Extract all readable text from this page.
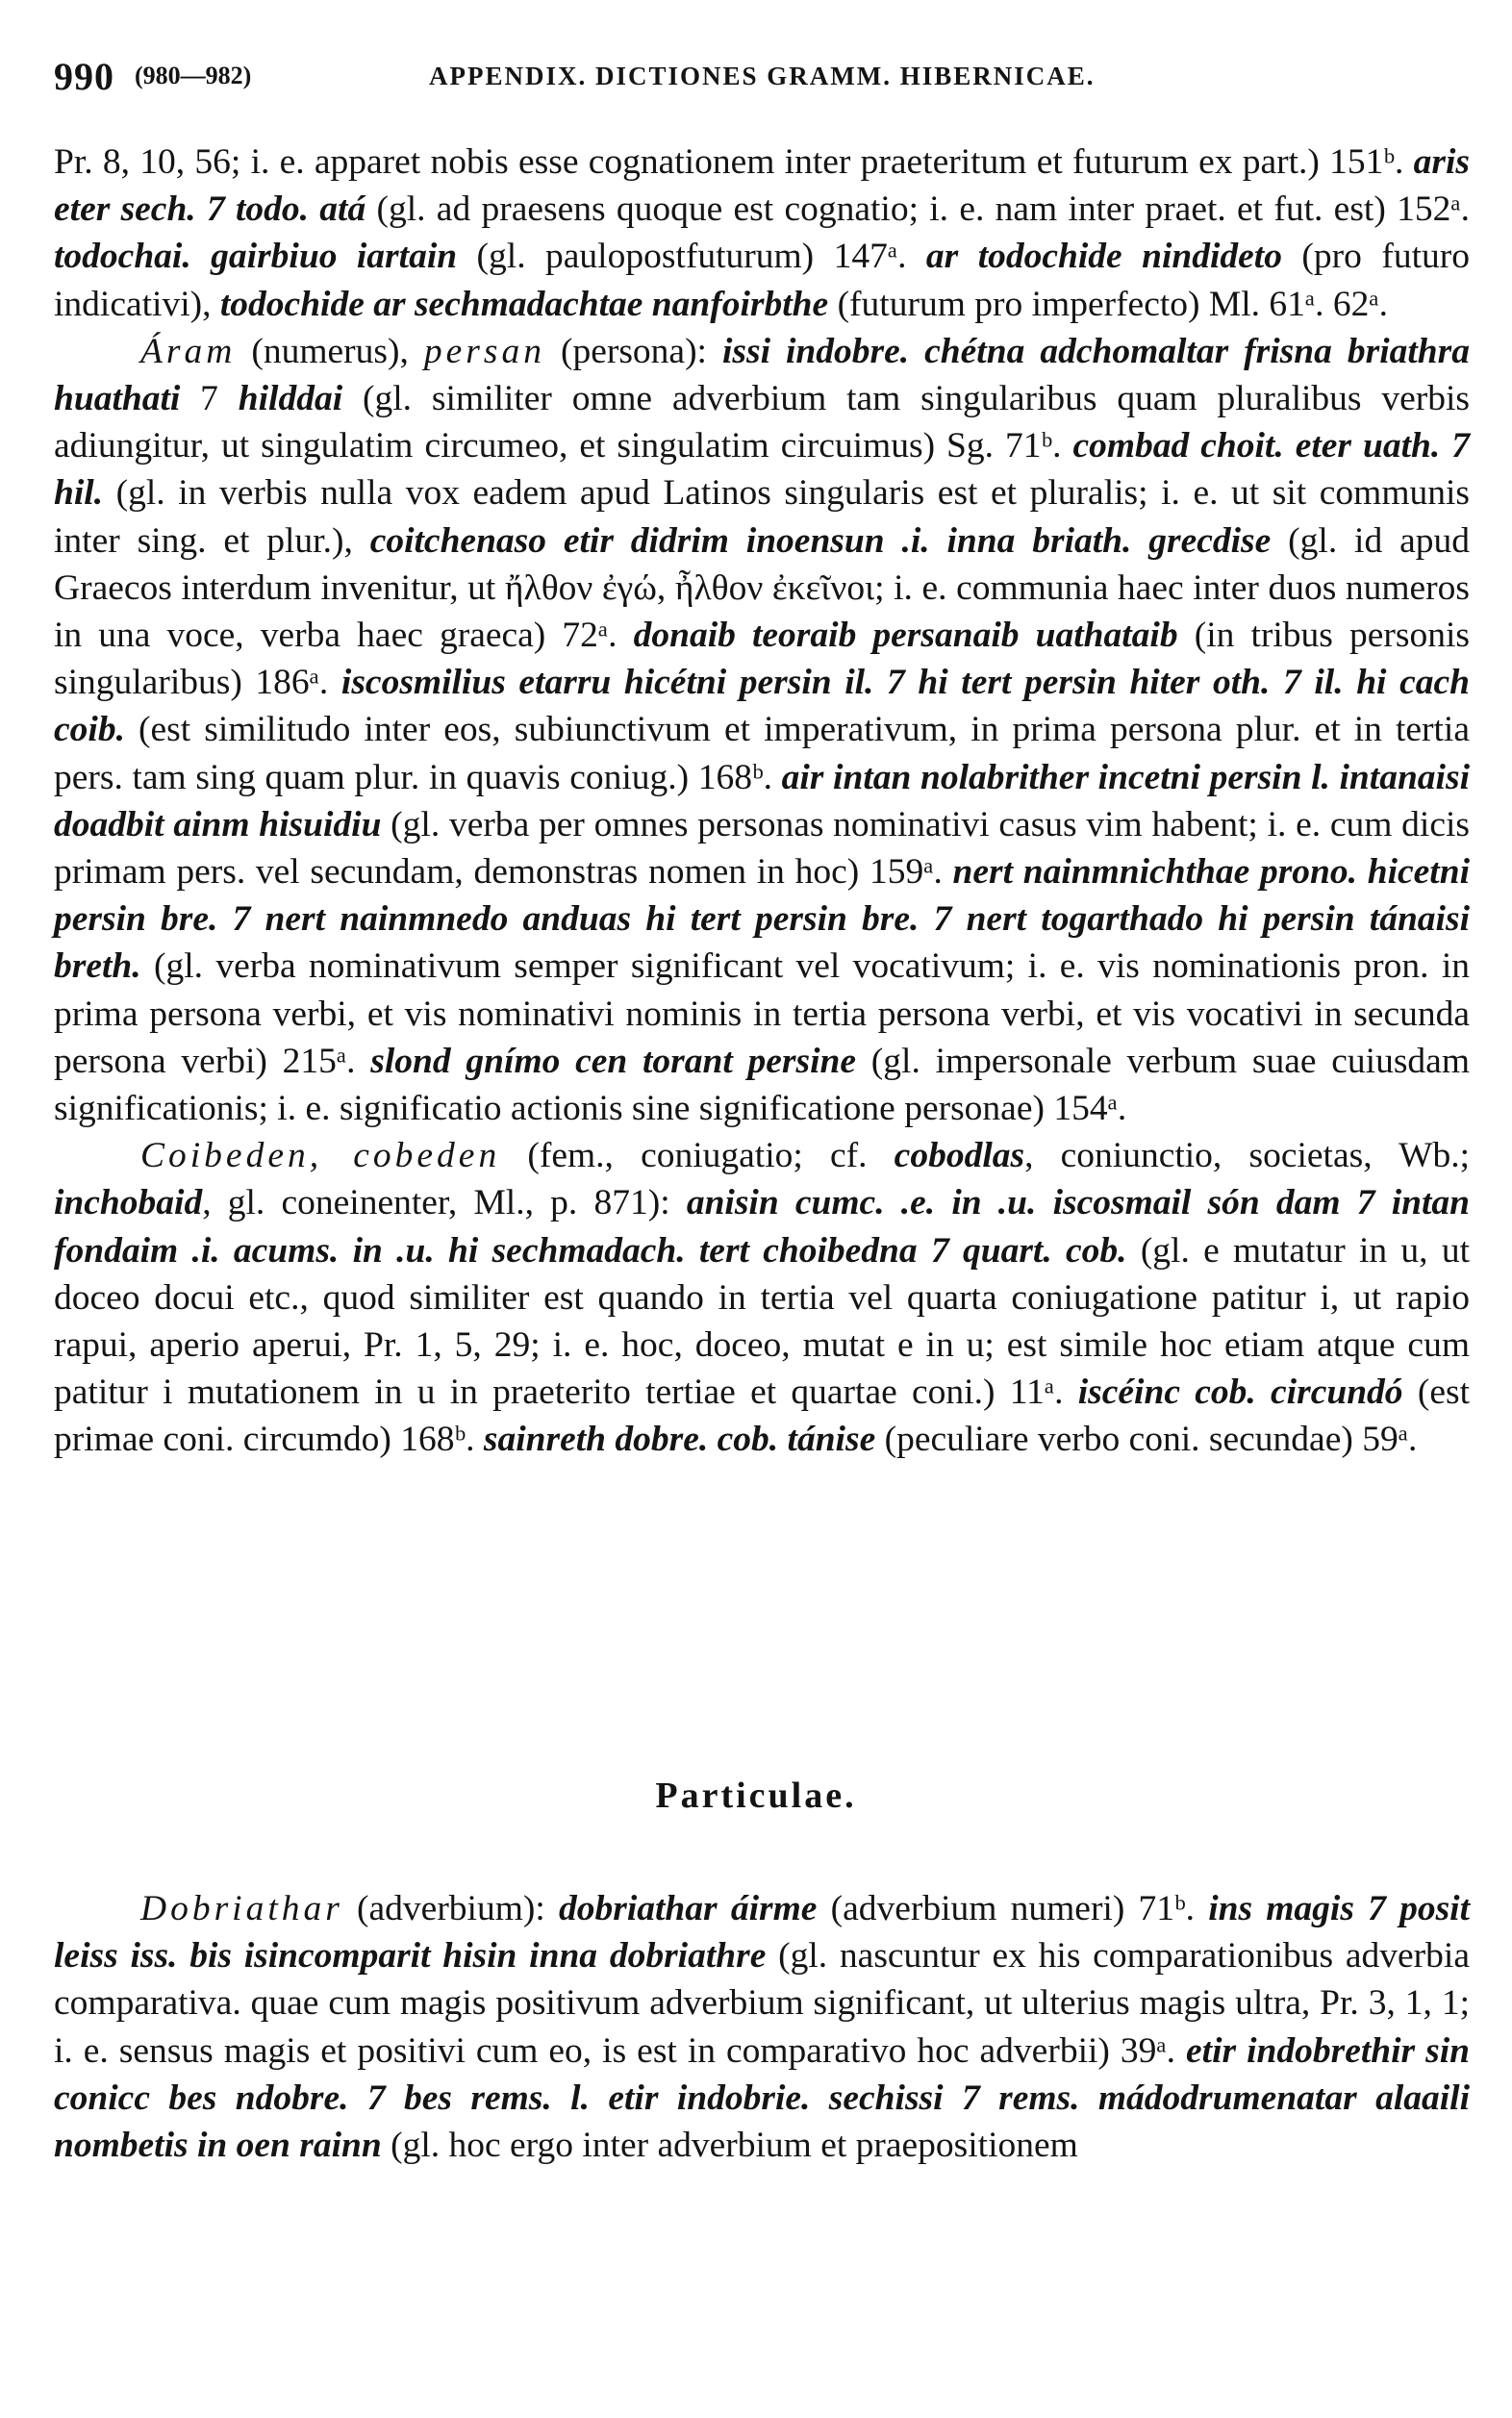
990 (980—982)	APPENDIX. DICTIONES GRAMM. HIBERNICAE.

Pr. 8, 10, 56; i. e. apparet nobis esse cognationem inter praeteritum et futurum ex part.) 151ᵇ. aris eter sech. 7 todo. atá (gl. ad praesens quoque est cognatio; i. e. nam inter praet. et fut. est) 152ᵃ. todochai. gairbiuo iartain (gl. paulopostfuturum) 147ᵃ. ar todochide nindideto (pro futuro indicativi), todochide ar sechmadachtae nanfoirbthe (futurum pro imperfecto) Ml. 61ᵃ. 62ᵃ.

Áram (numerus), persan (persona): issi indobre. chétna adchomaltar frisna briathra huathati 7 hilddai (gl. similiter omne adverbium tam singularibus quam pluralibus verbis adiungitur, ut singulatim circumeo, et singulatim circuimus) Sg. 71ᵇ. combad choit. eter uath. 7 hil. (gl. in verbis nulla vox eadem apud Latinos singularis est et pluralis; i. e. ut sit communis inter sing. et plur.), coitchenaso etir didrim inoensun .i. inna briath. grecdise (gl. id apud Graecos interdum invenitur, ut ἤλθον ἐγώ, ἦλθον ἐκεῖνοι; i. e. communia haec inter duos numeros in una voce, verba haec graeca) 72ᵃ. donaib teoraib persanaib uathataib (in tribus personis singularibus) 186ᵃ. iscosmilius etarru hicétni persin il. 7 hi tert persin hiter oth. 7 il. hi cach coib. (est similitudo inter eos, subiunctivum et imperativum, in prima persona plur. et in tertia pers. tam sing quam plur. in quavis coniug.) 168ᵇ. air intan nolabrither incetni persin l. intanaisi doadbit ainm hisuidiu (gl. verba per omnes personas nominativi casus vim habent; i. e. cum dicis primam pers. vel secundam, demonstras nomen in hoc) 159ᵃ. nert nainmnichthae prono. hicetni persin bre. 7 nert nainmnedo anduas hi tert persin bre. 7 nert togarthado hi persin tánaisi breth. (gl. verba nominativum semper significant vel vocativum; i. e. vis nominationis pron. in prima persona verbi, et vis nominativi nominis in tertia persona verbi, et vis vocativi in secunda persona verbi) 215ᵃ. slond gnímo cen torant persine (gl. impersonale verbum suae cuiusdam significationis; i. e. significatio actionis sine significatione personae) 154ᵃ.

Coibeden, cobeden (fem., coniugatio; cf. cobodlas, coniunctio, societas, Wb.; inchobaid, gl. coneinenter, Ml., p. 871): anisin cumc. .e. in .u. iscosmail són dam 7 intan fondaim .i. acums. in .u. hi sechmadach. tert choibedna 7 quart. cob. (gl. e mutatur in u, ut doceo docui etc., quod similiter est quando in tertia vel quarta coniugatione patitur i, ut rapio rapui, aperio aperui, Pr. 1, 5, 29; i. e. hoc, doceo, mutat e in u; est simile hoc etiam atque cum patitur i mutationem in u in praeterito tertiae et quartae coni.) 11ᵃ. iscéinc cob. circundó (est primae coni. circumdo) 168ᵇ. sainreth dobre. cob. tánise (peculiare verbo coni. secundae) 59ᵃ.

Particulae.

Dobriathar (adverbium): dobriathar áirme (adverbium numeri) 71ᵇ. ins magis 7 posit leiss iss. bis isincomparit hisin inna dobriathre (gl. nascuntur ex his comparationibus adverbia comparativa. quae cum magis positivum adverbium significant, ut ulterius magis ultra, Pr. 3, 1, 1; i. e. sensus magis et positivi cum eo, is est in comparativo hoc adverbii) 39ᵃ. etir indobrethir sin conicc bes ndobre. 7 bes rems. l. etir indobrie. sechissi 7 rems. mádodrumenatar alaaili nombetis in oen rainn (gl. hoc ergo inter adverbium et praepositionem
